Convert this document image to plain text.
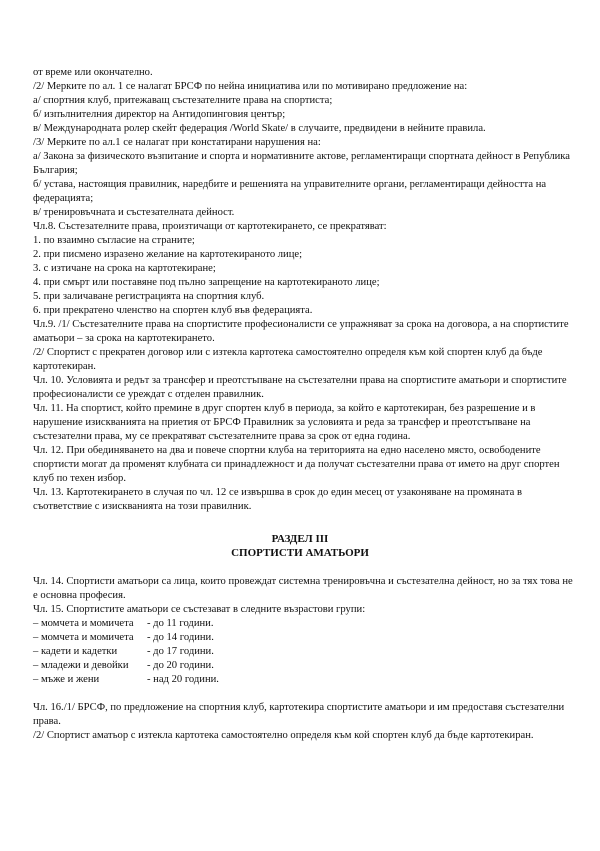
от време или окончателно.

/2/ Мерките по ал. 1 се налагат БРСФ по нейна инициатива или по мотивирано предложение на:

а/ спортния клуб, притежаващ състезателните права на спортиста;

б/ изпълнителния директор на Антидопинговия център;

в/ Международната ролер скейт федерация /World Skate/ в случаите, предвидени в нейните правила.

/3/ Мерките по ал.1 се налагат при констатирани нарушения на:

а/ Закона за физическото възпитание и спорта и нормативните актове, регламентиращи спортната дейност в Република България;

б/ устава, настоящия правилник, наредбите и решенията на управителните органи, регламентиращи дейността на федерацията;

в/ тренировъчната и състезателната дейност.

Чл.8. Състезателните права, произтичащи от картотекирането, се прекратяват:

1. по взаимно съгласие на страните;

2. при писмено изразено желание на картотекираното лице;

3. с изтичане на срока на картотекиране;

4. при смърт или поставяне под пълно запрещение на картотекираното лице;

5. при заличаване регистрацията на спортния клуб.

6. при прекратено членство на спортен клуб във федерацията.

Чл.9. /1/ Състезателните права на спортистите професионалисти се упражняват за срока на договора, а на спортистите аматьори – за срока на картотекирането.

/2/ Спортист с прекратен договор или с изтекла картотека самостоятелно определя към кой спортен клуб да бъде картотекиран.

Чл. 10. Условията и редът за трансфер и преотстъпване на състезателни права на спортистите аматьори и спортистите професионалисти се уреждат с отделен правилник.

Чл. 11. На спортист, който премине в друг спортен клуб в периода, за който е картотекиран, без разрешение и в нарушение изискванията на приетия от БРСФ Правилник за условията и реда за трансфер и преотстъпване на състезателни права, му се прекратяват състезателните права за срок от една година.

Чл. 12. При обединяването на два и повече спортни клуба на територията на едно населено място, освободените спортисти могат да променят клубната си принадлежност и да получат състезателни права от името на друг спортен клуб по техен избор.

Чл. 13. Картотекирането в случая по чл. 12 се извършва в срок до един месец от узаконяване на промяната в съответствие с изискванията на този правилник.

РАЗДЕЛ III

СПОРТИСТИ АМАТЬОРИ

Чл. 14. Спортисти аматьори са лица, които провеждат системна тренировъчна и състезателна дейност, но за тях това не е основна професия.

Чл. 15. Спортистите аматьори се състезават в следните възрастови групи:

– момчета и момичета - до 11 години.

– момчета и момичета - до 14 години.

– кадети и кадетки	- до 17 години.

– младежи и девойки - до 20 години.

– мъже и жени	- над 20 години.

Чл. 16./1/ БРСФ, по предложение на спортния клуб, картотекира спортистите аматьори и им предоставя състезателни права.

/2/ Спортист аматьор с изтекла картотека самостоятелно определя към кой спортен клуб да бъде картотекиран.
